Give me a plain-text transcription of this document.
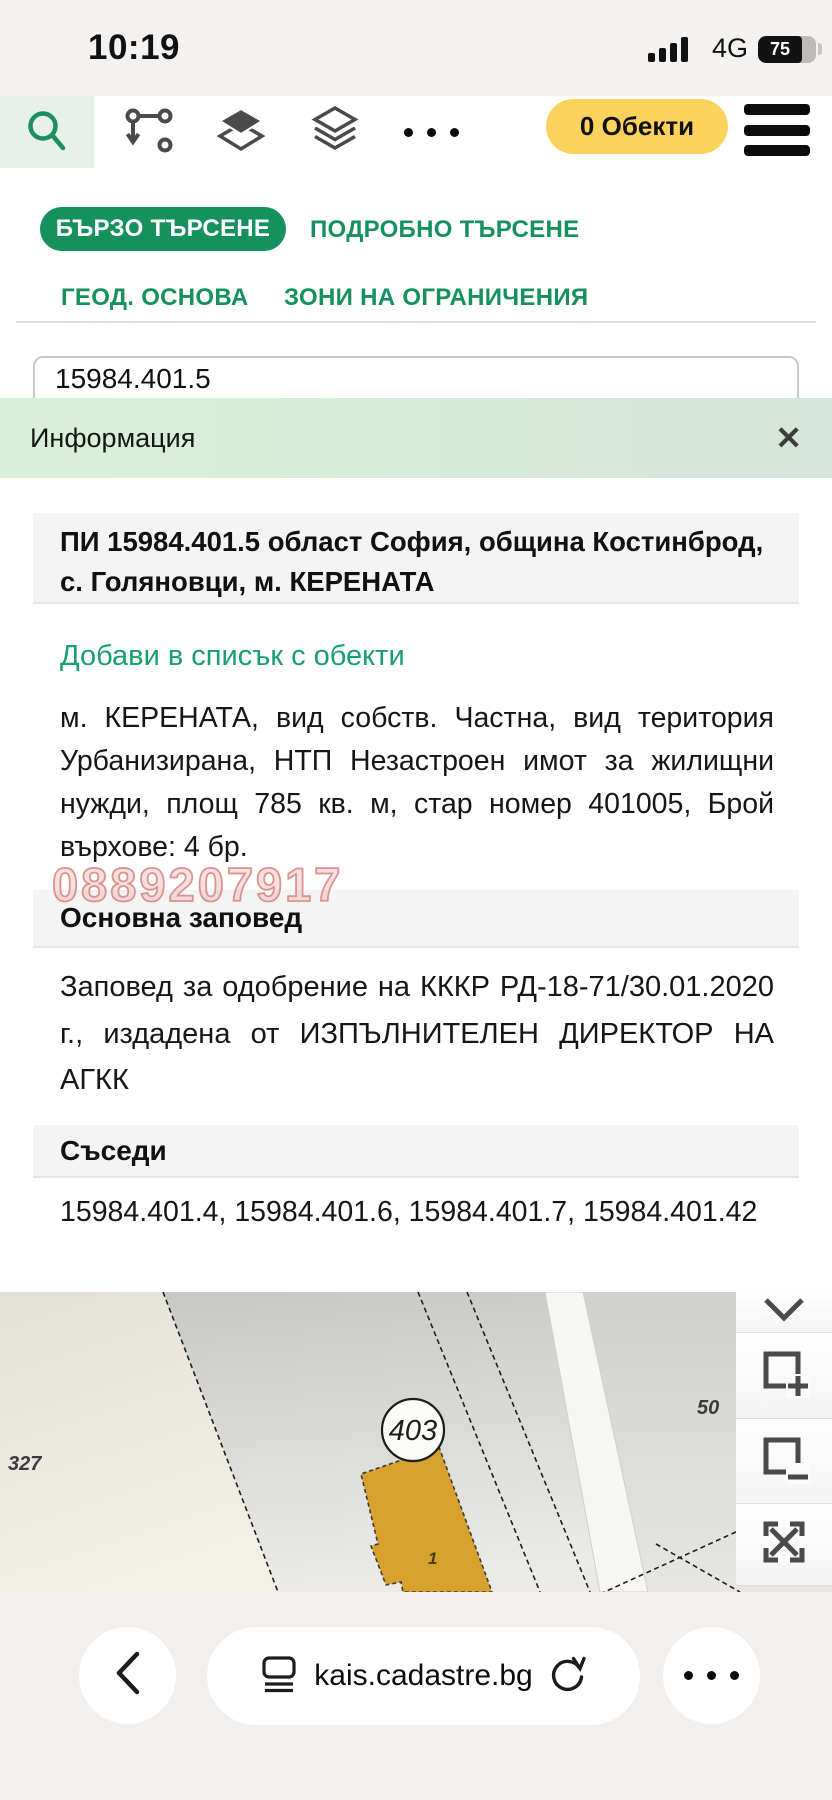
10:19	4G	75
0 Обекти
БЪРЗО ТЪРСЕНЕ	ПОДРОБНО ТЪРСЕНЕ
ГЕОД. ОСНОВА ЗОНИ НА ОГРАНИЧЕНИЯ
15984.401.5
Информация	✕
ПИ 15984.401.5 област София, община Костинброд, с. Голяновци, м. КЕРЕНАТА
Добави в списък с обекти
м. КЕРЕНАТА, вид собств. Частна, вид територия Урбанизирана, НТП Незастроен имот за жилищни нужди, площ 785 кв. м, стар номер 401005, Брой върхове: 4 бр.
0889207917
Основна заповед
Заповед за одобрение на КККР РД-18-71/30.01.2020 г., издадена от ИЗПЪЛНИТЕЛЕН ДИРЕКТОР НА АГКК
Съседи
15984.401.4, 15984.401.6, 15984.401.7, 15984.401.42
403
327
50
1
kais.cadastre.bg
